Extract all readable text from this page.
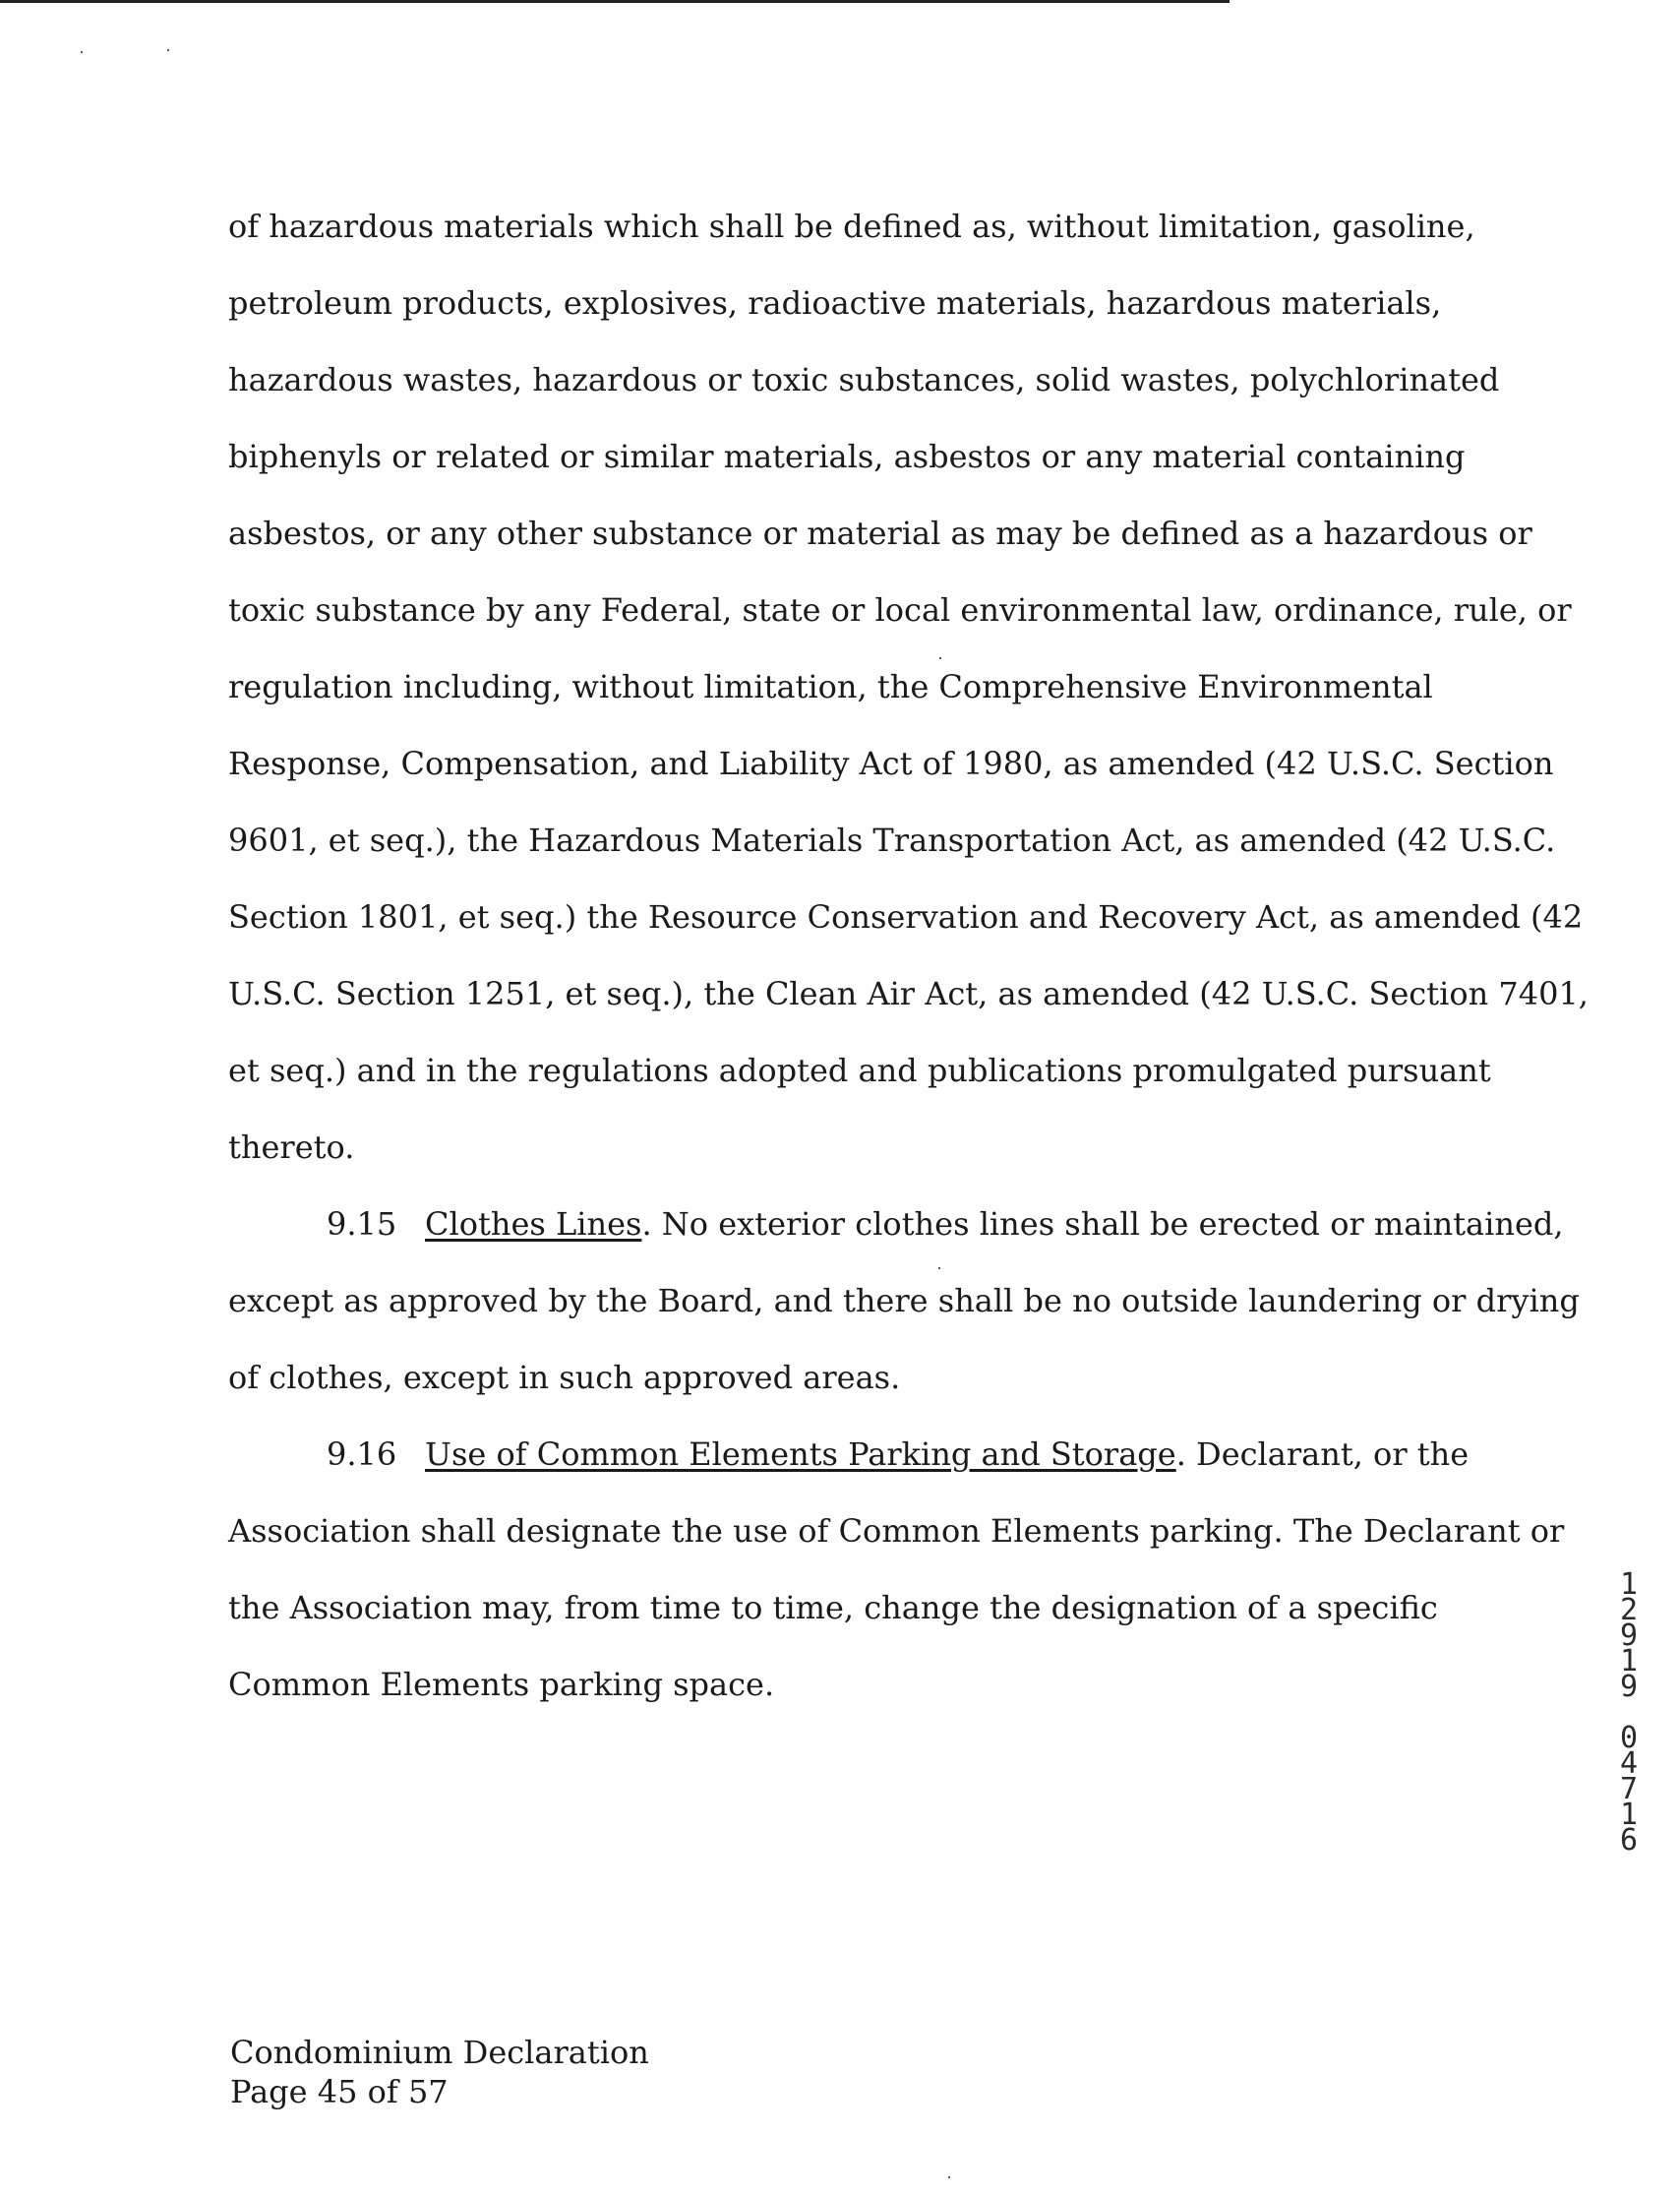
of hazardous materials which shall be defined as, without limitation, gasoline,
petroleum products, explosives, radioactive materials, hazardous materials,
hazardous wastes, hazardous or toxic substances, solid wastes, polychlorinated
biphenyls or related or similar materials, asbestos or any material containing
asbestos, or any other substance or material as may be defined as a hazardous or
toxic substance by any Federal, state or local environmental law, ordinance, rule, or
regulation including, without limitation, the Comprehensive Environmental
Response, Compensation, and Liability Act of 1980, as amended (42 U.S.C. Section
9601, et seq.), the Hazardous Materials Transportation Act, as amended (42 U.S.C.
Section 1801, et seq.) the Resource Conservation and Recovery Act, as amended (42
U.S.C. Section 1251, et seq.), the Clean Air Act, as amended (42 U.S.C. Section 7401,
et seq.) and in the regulations adopted and publications promulgated pursuant
thereto.
9.15 Clothes Lines. No exterior clothes lines shall be erected or maintained,
except as approved by the Board, and there shall be no outside laundering or drying
of clothes, except in such approved areas.
9.16 Use of Common Elements Parking and Storage. Declarant, or the
Association shall designate the use of Common Elements parking. The Declarant or
the Association may, from time to time, change the designation of a specific
Common Elements parking space.
1
2
9
1
9
0
4
7
1
6
Condominium Declaration
Page 45 of 57
